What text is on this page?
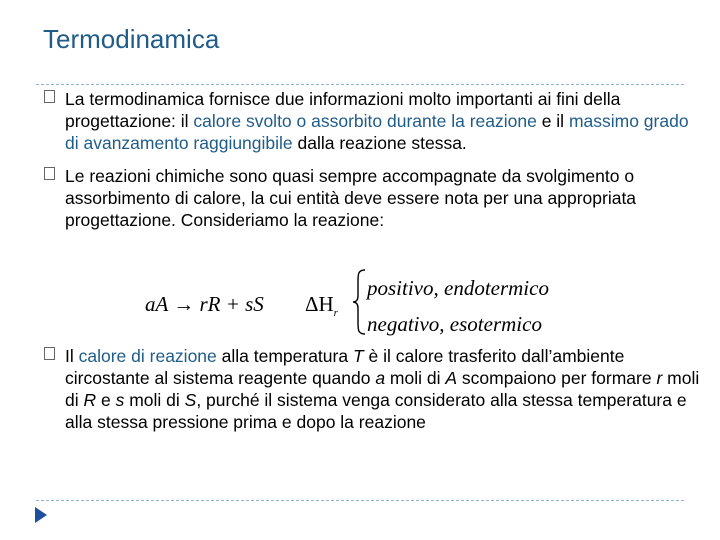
Termodinamica
La termodinamica fornisce due informazioni molto importanti ai fini della progettazione: il calore svolto o assorbito durante la reazione e il massimo grado di avanzamento raggiungibile dalla reazione stessa.
Le reazioni chimiche sono quasi sempre accompagnate da svolgimento o assorbimento di calore, la cui entità deve essere nota per una appropriata progettazione. Consideriamo la reazione:
aA → rR + sS $\Delta H_r$
positivo, endotermico
negativo, esotermico
Il calore di reazione alla temperatura T è il calore trasferito dall’ambiente circostante al sistema reagente quando a moli di A scompaiono per formare r moli di R e s moli di S, purché il sistema venga considerato alla stessa temperatura e alla stessa pressione prima e dopo la reazione
